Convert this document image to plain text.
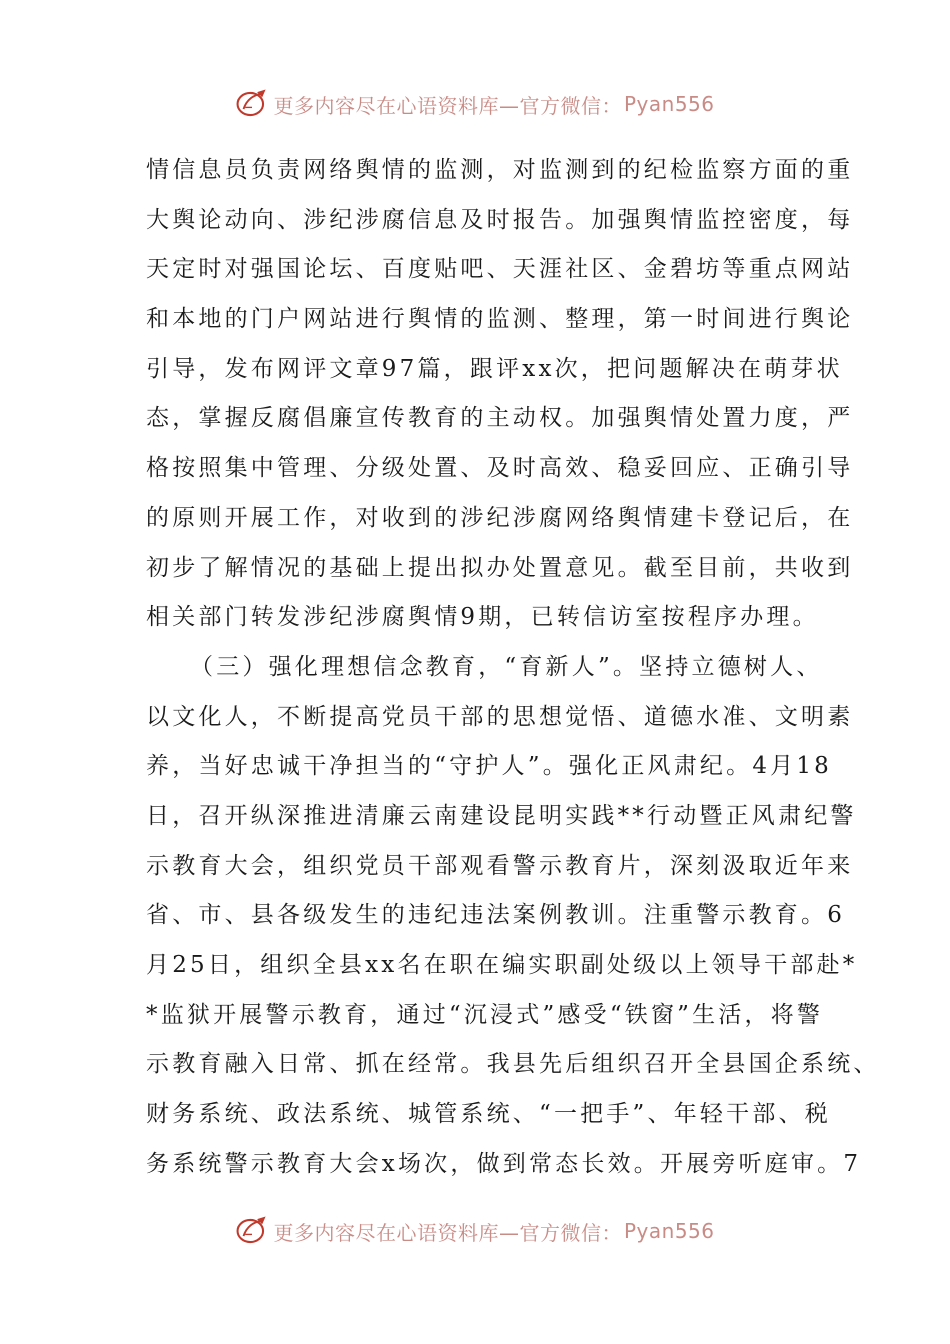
更多内容尽在心语资料库—官方微信： Pyan556
情信息员负责网络舆情的监测，对监测到的纪检监察方面的重
大舆论动向、涉纪涉腐信息及时报告。加强舆情监控密度，每
天定时对强国论坛、百度贴吧、天涯社区、金碧坊等重点网站
和本地的门户网站进行舆情的监测、整理，第一时间进行舆论
引导，发布网评文章97篇，跟评xx次，把问题解决在萌芽状
态，掌握反腐倡廉宣传教育的主动权。加强舆情处置力度，严
格按照集中管理、分级处置、及时高效、稳妥回应、正确引导
的原则开展工作，对收到的涉纪涉腐网络舆情建卡登记后，在
初步了解情况的基础上提出拟办处置意见。截至目前，共收到
相关部门转发涉纪涉腐舆情9期，已转信访室按程序办理。
（三）强化理想信念教育，“育新人”。坚持立德树人、
以文化人，不断提高党员干部的思想觉悟、道德水准、文明素
养，当好忠诚干净担当的“守护人”。强化正风肃纪。4月18
日，召开纵深推进清廉云南建设昆明实践**行动暨正风肃纪警
示教育大会，组织党员干部观看警示教育片，深刻汲取近年来
省、市、县各级发生的违纪违法案例教训。注重警示教育。6
月25日，组织全县xx名在职在编实职副处级以上领导干部赴*
*监狱开展警示教育，通过“沉浸式”感受“铁窗”生活，将警
示教育融入日常、抓在经常。我县先后组织召开全县国企系统、
财务系统、政法系统、城管系统、“一把手”、年轻干部、税
务系统警示教育大会x场次，做到常态长效。开展旁听庭审。7
更多内容尽在心语资料库—官方微信： Pyan556
